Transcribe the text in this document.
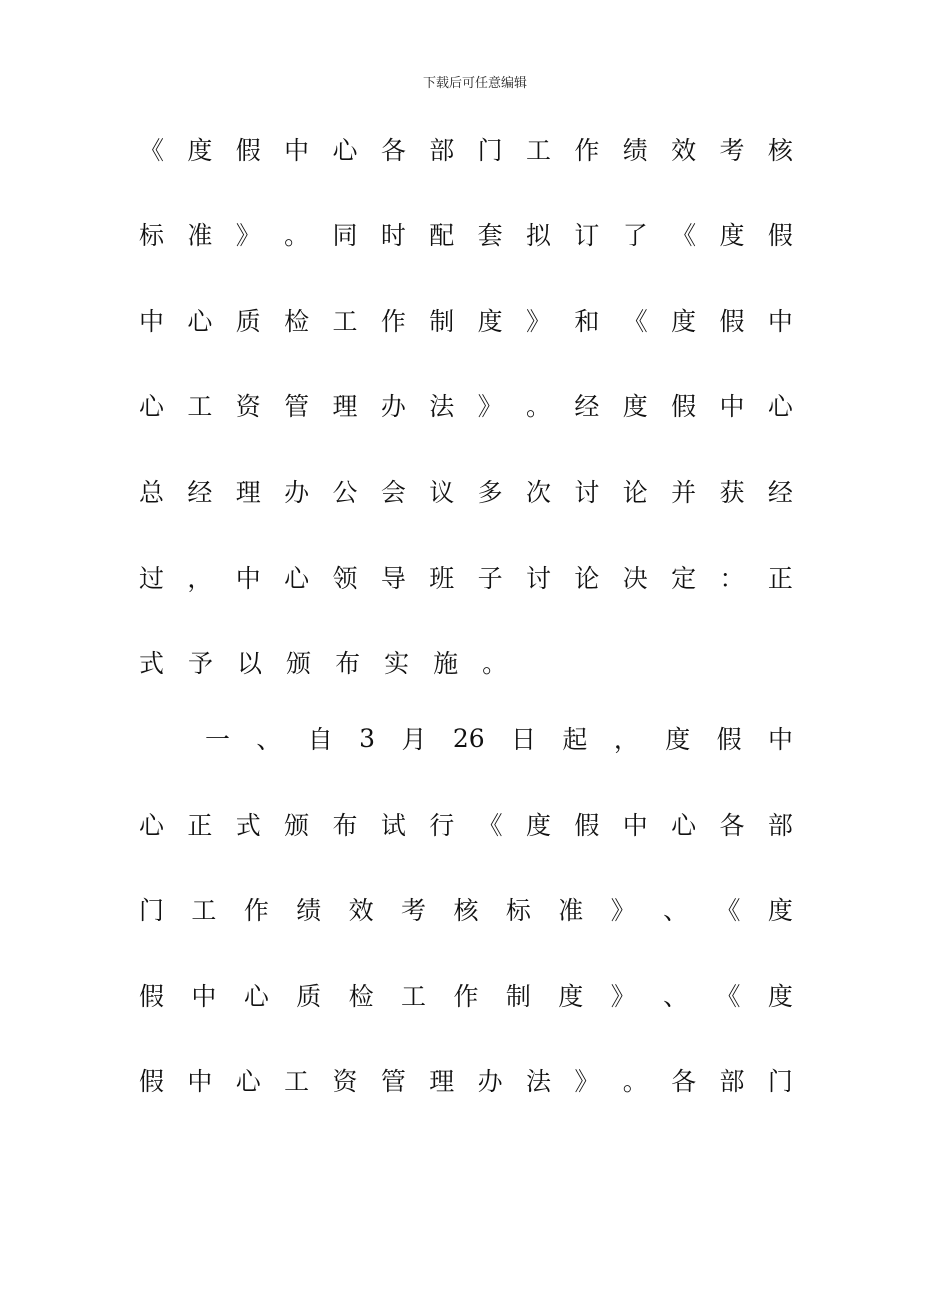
下载后可任意编辑
《 度 假 中 心 各 部 门 工 作 绩 效 考 核
标 准 》 。 同 时 配 套 拟 订 了 《 度 假
中 心 质 检 工 作 制 度 》 和 《 度 假 中
心 工 资 管 理 办 法 》 。 经 度 假 中 心
总 经 理 办 公 会 议 多 次 讨 论 并 获 经
过 ， 中 心 领 导 班 子 讨 论 决 定 ： 正
式 予 以 颁 布 实 施 。
一 、 自 3 月 26 日 起 ， 度 假 中
心 正 式 颁 布 试 行 《 度 假 中 心 各 部
门 工 作 绩 效 考 核 标 准 》 、 《 度
假 中 心 质 检 工 作 制 度 》 、 《 度
假 中 心 工 资 管 理 办 法 》 。 各 部 门
